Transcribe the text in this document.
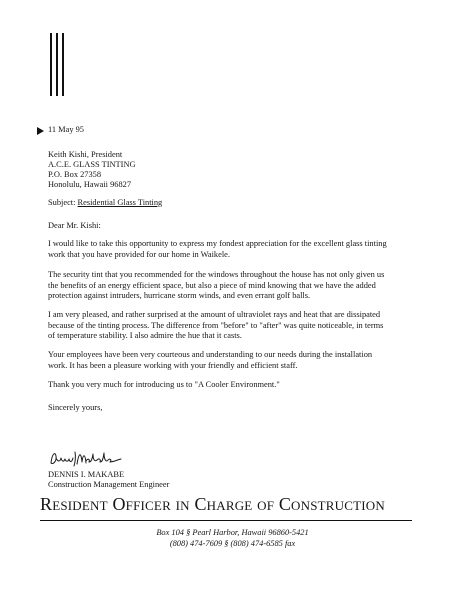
11 May 95
Keith Kishi, President
A.C.E. GLASS TINTING
P.O. Box 27358
Honolulu, Hawaii 96827
Subject: Residential Glass Tinting
Dear Mr. Kishi:
I would like to take this opportunity to express my fondest appreciation for the excellent glass tinting
work that you have provided for our home in Waikele.
The security tint that you recommended for the windows throughout the house has not only given us
the benefits of an energy efficient space, but also a piece of mind knowing that we have the added
protection against intruders, hurricane storm winds, and even errant golf balls.
I am very pleased, and rather surprised at the amount of ultraviolet rays and heat that are dissipated
because of the tinting process. The difference from "before" to "after" was quite noticeable, in terms
of temperature stability. I also admire the hue that it casts.
Your employees have been very courteous and understanding to our needs during the installation
work. It has been a pleasure working with your friendly and efficient staff.
Thank you very much for introducing us to "A Cooler Environment."
Sincerely yours,
DENNIS I. MAKABE
Construction Management Engineer
Resident Officer in Charge of Construction
Box 104 § Pearl Harbor, Hawaii 96860-5421
(808) 474-7609 § (808) 474-6585 fax
